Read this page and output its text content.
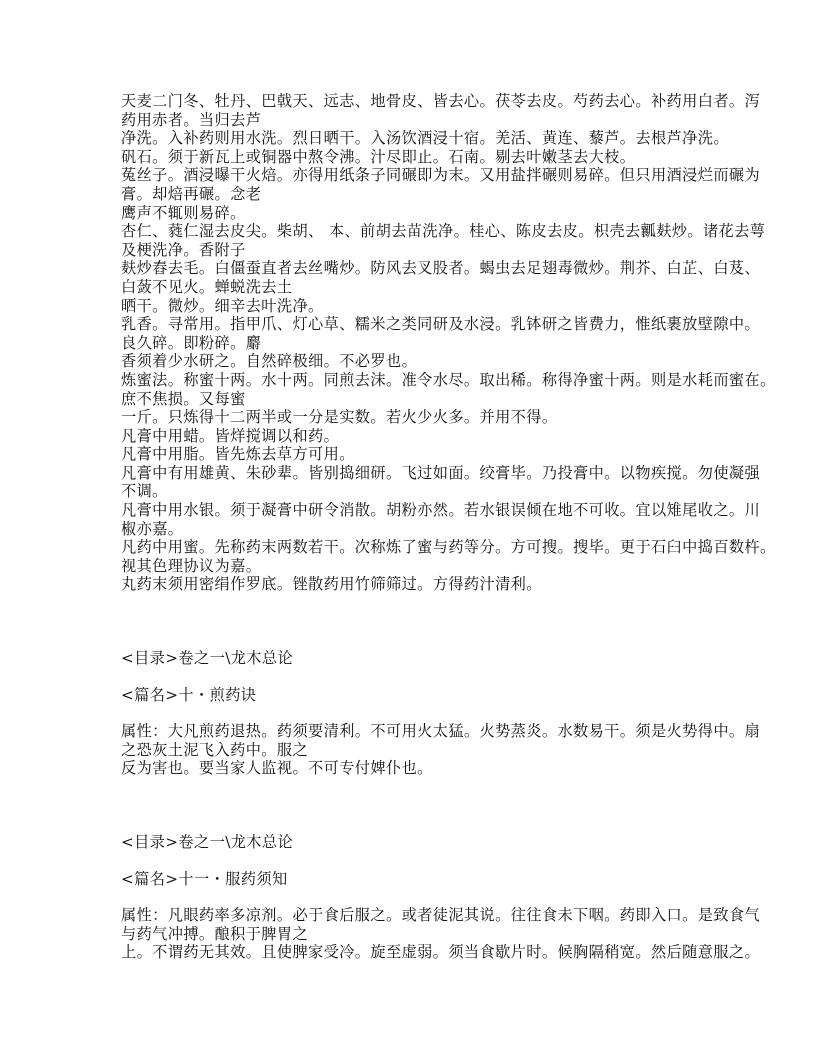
天麦二门冬、牡丹、巴戟天、远志、地骨皮、皆去心。茯苓去皮。芍药去心。补药用白者。泻
药用赤者。当归去芦
净洗。入补药则用水洗。烈日晒干。入汤饮酒浸十宿。羌活、黄连、藜芦。去根芦净洗。
矾石。须于新瓦上或铜器中熬令沸。汁尽即止。石南。剔去叶嫩茎去大枝。
菟丝子。酒浸曝干火焙。亦得用纸条子同碾即为末。又用盐拌碾则易碎。但只用酒浸烂而碾为
膏。却焙再碾。念老
鹰声不辄则易碎。
杏仁、蕤仁湿去皮尖。柴胡、 本、前胡去苗洗净。桂心、陈皮去皮。枳壳去瓤麸炒。诸花去萼
及梗洗净。香附子
麸炒舂去毛。白僵蚕直者去丝嘴炒。防风去叉股者。蝎虫去足翅毒微炒。荆芥、白芷、白芨、
白蔹不见火。蝉蜕洗去土
晒干。微炒。细辛去叶洗净。
乳香。寻常用。指甲爪、灯心草、糯米之类同研及水浸。乳钵研之皆费力，惟纸裹放壁隙中。
良久碎。即粉碎。麝
香须着少水研之。自然碎极细。不必罗也。
炼蜜法。称蜜十两。水十两。同煎去沫。准令水尽。取出稀。称得净蜜十两。则是水耗而蜜在。
庶不焦损。又每蜜
一斤。只炼得十二两半或一分是实数。若火少火多。并用不得。
凡膏中用蜡。皆烊搅调以和药。
凡膏中用脂。皆先炼去草方可用。
凡膏中有用雄黄、朱砂辈。皆别捣细研。飞过如面。绞膏毕。乃投膏中。以物疾搅。勿使凝强
不调。
凡膏中用水银。须于凝膏中研令消散。胡粉亦然。若水银误倾在地不可收。宜以雉尾收之。川
椒亦嘉。
凡药中用蜜。先称药末两数若干。次称炼了蜜与药等分。方可搜。搜毕。更于石臼中捣百数杵。
视其色理协议为嘉。
丸药末须用密绢作罗底。锉散药用竹筛筛过。方得药汁清利。
<目录>卷之一\龙木总论
<篇名>十・煎药诀
属性：大凡煎药退热。药须要清利。不可用火太猛。火势蒸炎。水数易干。须是火势得中。扇
之恐灰土泥飞入药中。服之
反为害也。要当家人监视。不可专付婢仆也。
<目录>卷之一\龙木总论
<篇名>十一・服药须知
属性：凡眼药率多凉剂。必于食后服之。或者徒泥其说。往往食未下咽。药即入口。是致食气
与药气冲搏。酿积于脾胃之
上。不谓药无其效。且使脾家受冷。旋至虚弱。须当食歇片时。候胸隔稍宽。然后随意服之。
